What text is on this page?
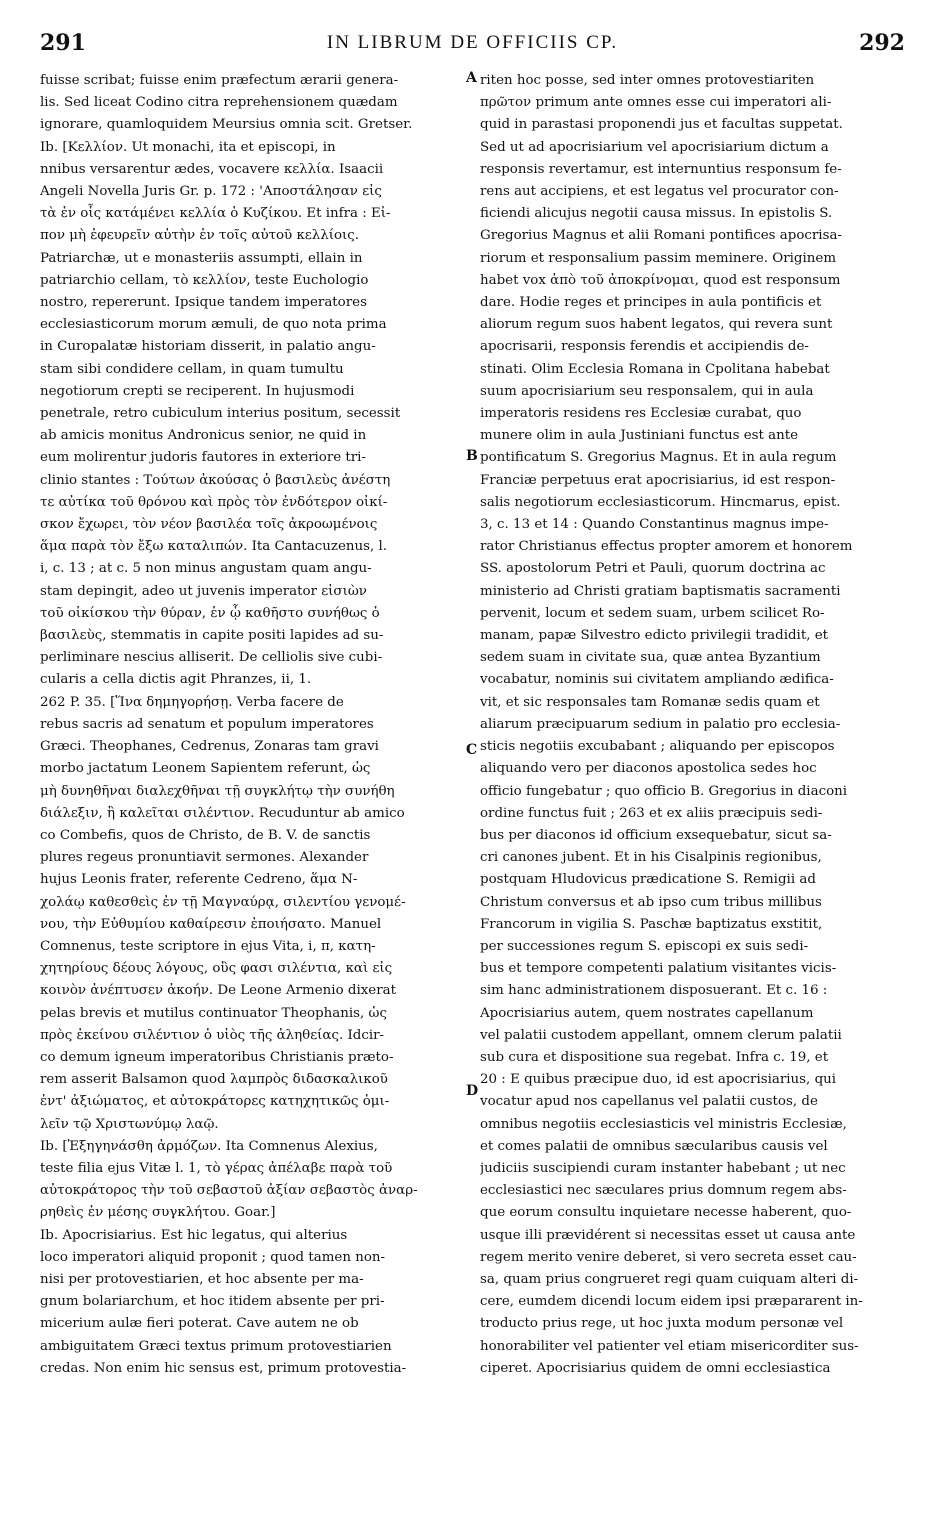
291	IN LIBRUM DE OFFICIIS CP.	292
fuisse scribat; fuisse enim præfectum ærarii genera-
lis. Sed liceat Codino citra reprehensionem quædam
ignorare, quamloquidem Meursius omnia scit. Gretser.
Ib. [Κελλίον. Ut monachi, ita et episcopi, in
nnibus versarentur ædes, vocavere κελλία. Isaacii
Angeli Novella Juris Gr. p. 172 : 'Αποστάλησαν εἰς
τὰ ἐν οἷς κατάμένει κελλία ὁ Κυζίκου. Et infra : Εἰ-
πον μὴ ἐφευρεῖν αὐτὴν ἐν τοῖς αὐτοῦ κελλίοις.
Patriarchæ, ut e monasteriis assumpti, ellain in
patriarchio cellam, τὸ κελλίον, teste Euchologio
nostro, repererunt. Ipsique tandem imperatores
ecclesiasticorum morum æmuli, de quo nota prima
in Curopalatæ historiam disserit, in palatio angu-
stam sibi condidere cellam, in quam tumultu
negotiorum crepti se reciperent. In hujusmodi
penetrale, retro cubiculum interius positum, secessit
ab amicis monitus Andronicus senior, ne quid in
eum molirentur judoris fautores in exteriore tri-
clinio stantes : Τούτων ἀκούσας ὁ βασιλεὺς ἀνέστη
τε αὐτίκα τοῦ θρόνου καὶ πρὸς τὸν ἐνδότερον οἰκί-
σκον ἔχωρει, τὸν νέον βασιλέα τοῖς ἀκροωμένοις
ἅμα παρὰ τὸν ἔξω καταλιπών. Ita Cantacuzenus, l.
i, c. 13 ; at c. 5 non minus angustam quam angu-
stam depingit, adeo ut juvenis imperator εἰσιὼν
τοῦ οἰκίσκου τὴν θύραν, ἐν ᾧ καθῆστο συνήθως ὁ
βασιλεὺς, stemmatis in capite positi lapides ad su-
perliminare nescius alliserit. De celliolis sive cubi-
cularis a cella dictis agit Phranzes, ii, 1.
262 P. 35. [Ἵνα δημηγορήσῃ. Verba facere de
rebus sacris ad senatum et populum imperatores
Græci. Theophanes, Cedrenus, Zonaras tam gravi
morbo jactatum Leonem Sapientem referunt, ὡς
μὴ δυνηθῆναι διαλεχθῆναι τῇ συγκλήτῳ τὴν συνήθη
διάλεξιν, ἣ καλεῖται σιλέντιον. Recuduntur ab amico
co Combefis, quos de Christo, de B. V. de sanctis
plures regeus pronuntiavit sermones. Alexander
hujus Leonis frater, referente Cedreno, ἅμα Ν-
χολάῳ καθεσθεὶς ἐν τῇ Μαγναύρᾳ, σιλεντίου γενομέ-
νου, τὴν Εὐθυμίου καθαίρεσιν ἐποιήσατο. Manuel
Comnenus, teste scriptore in ejus Vita, i, π, κατη-
χητηρίους δέους λόγους, οὓς φασι σιλέντια, καὶ εἰς
κοινὸν ἀνέπτυσεν ἀκοήν. De Leone Armenio dixerat
pelas brevis et mutilus continuator Theophanis, ὡς
πρὸς ἐκείνου σιλέντιον ὁ υἱὸς τῆς ἀληθείας. Idcir-
co demum igneum imperatoribus Christianis præto-
rem asserit Balsamon quod λαμπρὸς διδασκαλικοῦ
ἐντ' ἀξιώματος, et αὐτοκράτορες κατηχητικῶς ὁμι-
λεῖν τῷ Χριστωνύμῳ λαῷ.
Ib. [Ἐξηγηνάσθη ἀρμόζων. Ita Comnenus Alexius,
teste filia ejus Vitæ l. 1, τὸ γέρας ἀπέλαβε παρὰ τοῦ
αὐτοκράτορος τὴν τοῦ σεβαστοῦ ἀξίαν σεβαστὸς ἀναρ-
ρηθεὶς ἐν μέσης συγκλήτου. Goar.]
Ib. Apocrisiarius. Est hic legatus, qui alterius
loco imperatori aliquid proponit ; quod tamen non-
nisi per protovestiarien, et hoc absente per ma-
gnum bolariarchum, et hoc itidem absente per pri-
micerium aulæ fieri poterat. Cave autem ne ob
ambiguitatem Græci textus primum protovestiarien
credas. Non enim hic sensus est, primum protovestia-
riten hoc posse, sed inter omnes protovestiariten
πρῶτον primum ante omnes esse cui imperatori ali-
quid in parastasi proponendi jus et facultas suppetat.
Sed ut ad apocrisiarium vel apocrisiarium dictum a
responsis revertamur, est internuntius responsum fe-
rens aut accipiens, et est legatus vel procurator con-
ficiendi alicujus negotii causa missus. In epistolis S.
Gregorius Magnus et alii Romani pontifices apocrisa-
riorum et responsalium passim meminere. Originem
habet vox ἀπὸ τοῦ ἀποκρίνομαι, quod est responsum
dare. Hodie reges et principes in aula pontificis et
aliorum regum suos habent legatos, qui revera sunt
apocrisarii, responsis ferendis et accipiendis de-
stinati. Olim Ecclesia Romana in Cpolitana habebat
suum apocrisiarium seu responsalem, qui in aula
imperatoris residens res Ecclesiæ curabat, quo
munere olim in aula Justiniani functus est ante
pontificatum S. Gregorius Magnus. Et in aula regum
Franciæ perpetuus erat apocrisiarius, id est respon-
salis negotiorum ecclesiasticorum. Hincmarus, epist.
3, c. 13 et 14 : Quando Constantinus magnus impe-
rator Christianus effectus propter amorem et honorem
SS. apostolorum Petri et Pauli, quorum doctrina ac
ministerio ad Christi gratiam baptismatis sacramenti
pervenit, locum et sedem suam, urbem scilicet Ro-
manam, papæ Silvestro edicto privilegii tradidit, et
sedem suam in civitate sua, quæ antea Byzantium
vocabatur, nominis sui civitatem ampliando ædifica-
vit, et sic responsales tam Romanæ sedis quam et
aliarum præcipuarum sedium in palatio pro ecclesia-
sticis negotiis excubabant ; aliquando per episcopos
aliquando vero per diaconos apostolica sedes hoc
officio fungebatur ; quo officio B. Gregorius in diaconi
ordine functus fuit ; 263 et ex aliis præcipuis sedi-
bus per diaconos id officium exsequebatur, sicut sa-
cri canones jubent. Et in his Cisalpinis regionibus,
postquam Hludovicus prædicatione S. Remigii ad
Christum conversus et ab ipso cum tribus millibus
Francorum in vigilia S. Paschæ baptizatus exstitit,
per successiones regum S. episcopi ex suis sedi-
bus et tempore competenti palatium visitantes vicis-
sim hanc administrationem disposuerant. Et c. 16 :
Apocrisiarius autem, quem nostrates capellanum
vel palatii custodem appellant, omnem clerum palatii
sub cura et dispositione sua regebat. Infra c. 19, et
20 : E quibus præcipue duo, id est apocrisiarius, qui
vocatur apud nos capellanus vel palatii custos, de
omnibus negotiis ecclesiasticis vel ministris Ecclesiæ,
et comes palatii de omnibus sæcularibus causis vel
judiciis suscipiendi curam instanter habebant ; ut nec
ecclesiastici nec sæculares prius domnum regem abs-
que eorum consultu inquietare necesse haberent, quo-
usque illi prævidérent si necessitas esset ut causa ante
regem merito venire deberet, si vero secreta esset cau-
sa, quam prius congrueret regi quam cuiquam alteri di-
cere, eumdem dicendi locum eidem ipsi præpararent in-
troducto prius rege, ut hoc juxta modum personæ vel
honorabiliter vel patienter vel etiam misericorditer sus-
ciperet. Apocrisiarius quidem de omni ecclesiastica
A
B
C
D
